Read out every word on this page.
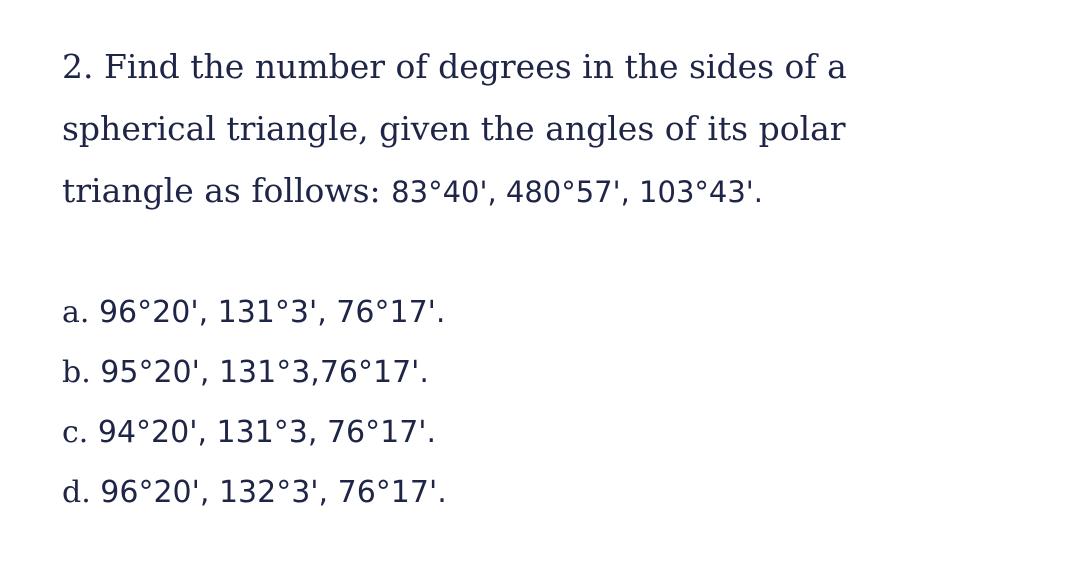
2. Find the number of degrees in the sides of a
spherical triangle, given the angles of its polar
triangle as follows: 83°40', 480°57', 103°43'.
a. 96°20', 131°3', 76°17'.
b. 95°20', 131°3,76°17'.
c. 94°20', 131°3, 76°17'.
d. 96°20', 132°3', 76°17'.
